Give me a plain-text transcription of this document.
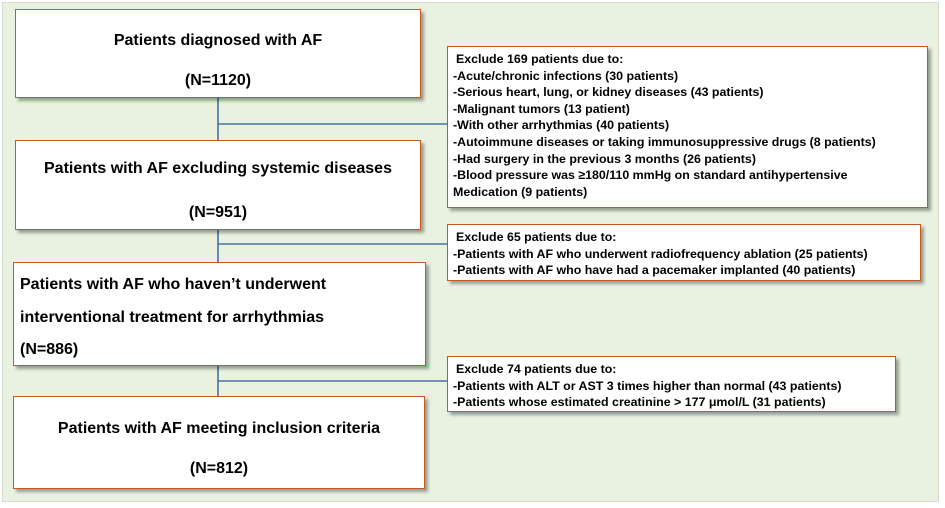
Patients diagnosed with AF
(N=1120)
Patients with AF excluding systemic diseases
(N=951)
Patients with AF who haven’t underwent
interventional treatment for arrhythmias
(N=886)
Patients with AF meeting inclusion criteria
(N=812)
Exclude 169 patients due to:
-Acute/chronic infections (30 patients)
-Serious heart, lung, or kidney diseases (43 patients)
-Malignant tumors (13 patient)
-With other arrhythmias (40 patients)
-Autoimmune diseases or taking immunosuppressive drugs (8 patients)
-Had surgery in the previous 3 months (26 patients)
-Blood pressure was ≥180/110 mmHg on standard antihypertensive
Medication (9 patients)
Exclude 65 patients due to:
-Patients with AF who underwent radiofrequency ablation (25 patients)
-Patients with AF who have had a pacemaker implanted (40 patients)
Exclude 74 patients due to:
-Patients with ALT or AST 3 times higher than normal (43 patients)
-Patients whose estimated creatinine > 177 μmol/L (31 patients)
